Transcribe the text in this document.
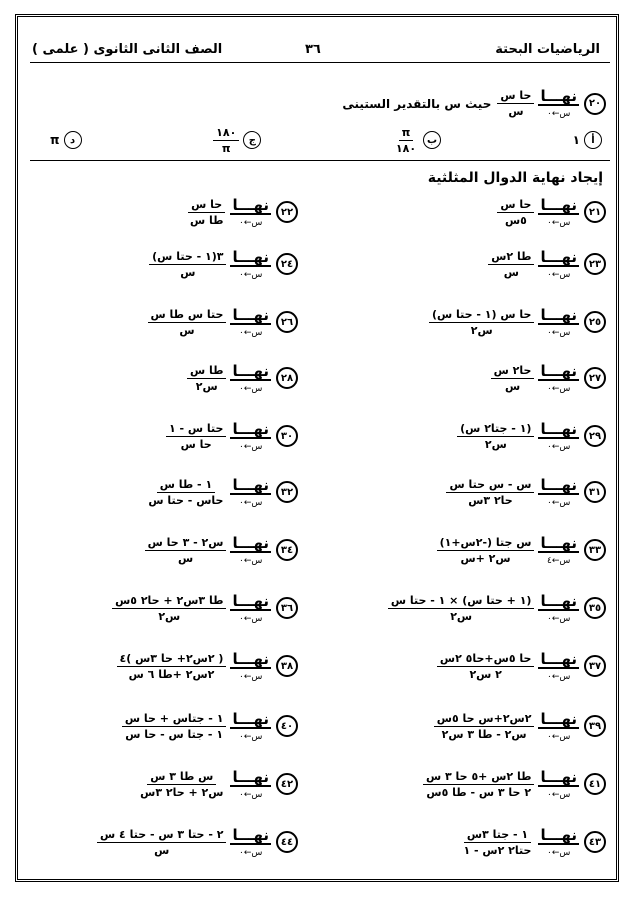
الرياضيات البحتة
٣٦
الصف الثانى الثانوى ( علمى )
٢٠
نهـــا
س←٠
$\frac{\text{حا س}}{\text{س}}$
حيث س بالتقدير الستينى
أ
١
ب
$\frac{\pi}{١٨٠}$
ج
$\frac{١٨٠}{\pi}$
د
π
إيجاد نهاية الدوال المثلثية
٢١
نهـــا
س←٠
$\frac{\text{حا س}}{\text{٥س}}$
٢٣
نهـــا
س←٠
$\frac{\text{طا ٢س}}{\text{س}}$
٢٥
نهـــا
س←٠
$\frac{\text{حا س (١ - حتا س)}}{\text{س٢}}$
٢٧
نهـــا
س←٠
$\frac{\text{حا٢ س}}{\text{س}}$
٢٩
نهـــا
س←٠
$\frac{\text{(١ - جتا٢ س)}}{\text{س٢}}$
٣١
نهـــا
س←٠
$\frac{\text{س - س حتا س}}{\text{حا٢ ٣س}}$
٣٣
نهـــا
س←٤
$\frac{\text{س جتا (-٢س+١)}}{\text{س٢ +س}}$
٣٥
نهـــا
س←٠
$\frac{\text{(١ + حتا س) × ١ - حتا س}}{\text{س٢}}$
٣٧
نهـــا
س←٠
$\frac{\text{حا ٥س+حا٥ ٢س}}{\text{٢ س٢}}$
٣٩
نهـــا
س←٠
$\frac{\text{٢س٢+س حا ٥س}}{\text{س٢ - طا ٣ س٢}}$
٤١
نهـــا
س←٠
$\frac{\text{طا ٢س +٥ حا ٣ س}}{\text{٢ حا ٣ س - طا ٥س}}$
٤٣
نهـــا
س←٠
$\frac{\text{١ - جتا ٣س}}{\text{حتا٢ ٢س - ١}}$
٢٢
نهـــا
س←٠
$\frac{\text{حا س}}{\text{طا س}}$
٢٤
نهـــا
س←٠
$\frac{\text{٣(١ - حتا س)}}{\text{س}}$
٢٦
نهـــا
س←٠
$\frac{\text{حتا س طا س}}{\text{س}}$
٢٨
نهـــا
س←٠
$\frac{\text{طا س}}{\text{س٢}}$
٣٠
نهـــا
س←٠
$\frac{\text{حتا س - ١}}{\text{حا س}}$
٣٢
نهـــا
س←٠
$\frac{\text{١ - طا س}}{\text{حاس - حتا س}}$
٣٤
نهـــا
س←٠
$\frac{\text{س٢ - ٣ حا س}}{\text{س}}$
٣٦
نهـــا
س←٠
$\frac{\text{طا ٣س٢ + حا٢ ٥س}}{\text{س٢}}$
٣٨
نهـــا
س←٠
$\frac{\text{( ٢س٢+ حا ٣س )٤}}{\text{٢س٢ +طا ٦ س}}$
٤٠
نهـــا
س←٠
$\frac{\text{١ - جتاس + حا س}}{\text{١ - جتا س - حا س}}$
٤٢
نهـــا
س←٠
$\frac{\text{س طا ٣ س}}{\text{س٢ + حا٢ ٣س}}$
٤٤
نهـــا
س←٠
$\frac{\text{٢ - حتا ٣ س - حتا ٤ س}}{\text{س}}$
